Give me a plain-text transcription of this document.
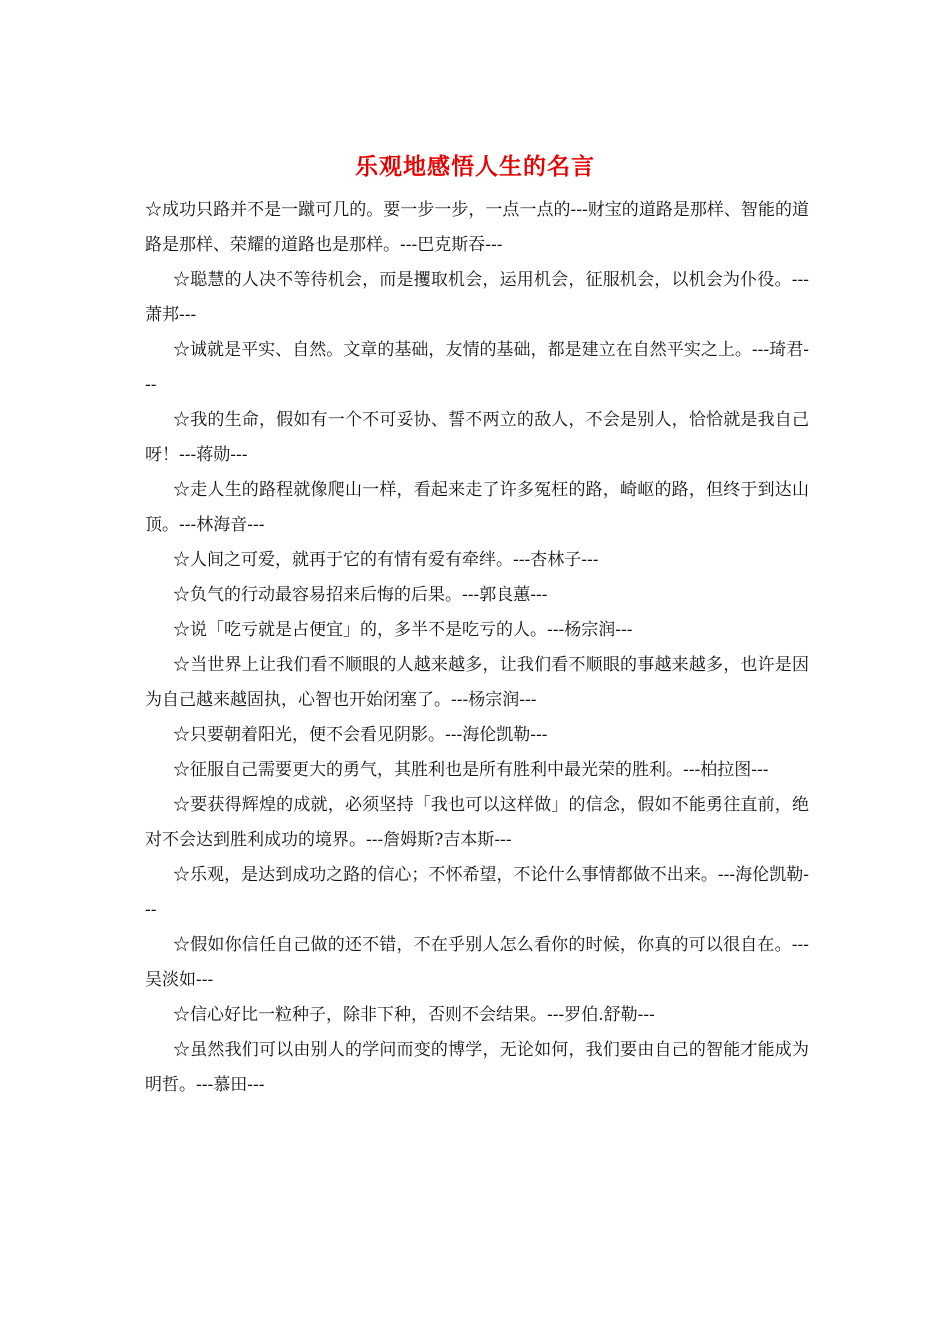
乐观地感悟人生的名言

☆成功只路并不是一蹴可几的。要一步一步，一点一点的---财宝的道路是那样、智能的道路是那样、荣耀的道路也是那样。---巴克斯吞---

☆聪慧的人决不等待机会，而是攫取机会，运用机会，征服机会，以机会为仆役。---萧邦---

☆诚就是平实、自然。文章的基础，友情的基础，都是建立在自然平实之上。---琦君---

☆我的生命，假如有一个不可妥协、誓不两立的敌人，不会是别人，恰恰就是我自己呀！---蒋勋---

☆走人生的路程就像爬山一样，看起来走了许多冤枉的路，崎岖的路，但终于到达山顶。---林海音---

☆人间之可爱，就再于它的有情有爱有牵绊。---杏林子---

☆负气的行动最容易招来后悔的后果。---郭良蕙---

☆说「吃亏就是占便宜」的，多半不是吃亏的人。---杨宗润---

☆当世界上让我们看不顺眼的人越来越多，让我们看不顺眼的事越来越多，也许是因为自己越来越固执，心智也开始闭塞了。---杨宗润---

☆只要朝着阳光，便不会看见阴影。---海伦凯勒---

☆征服自己需要更大的勇气，其胜利也是所有胜利中最光荣的胜利。---柏拉图---

☆要获得辉煌的成就，必须坚持「我也可以这样做」的信念，假如不能勇往直前，绝对不会达到胜利成功的境界。---詹姆斯?吉本斯---

☆乐观，是达到成功之路的信心；不怀希望，不论什么事情都做不出来。---海伦凯勒---

☆假如你信任自己做的还不错，不在乎别人怎么看你的时候，你真的可以很自在。---吴淡如---

☆信心好比一粒种子，除非下种，否则不会结果。---罗伯.舒勒---

☆虽然我们可以由别人的学问而变的博学，无论如何，我们要由自己的智能才能成为明哲。---慕田---
